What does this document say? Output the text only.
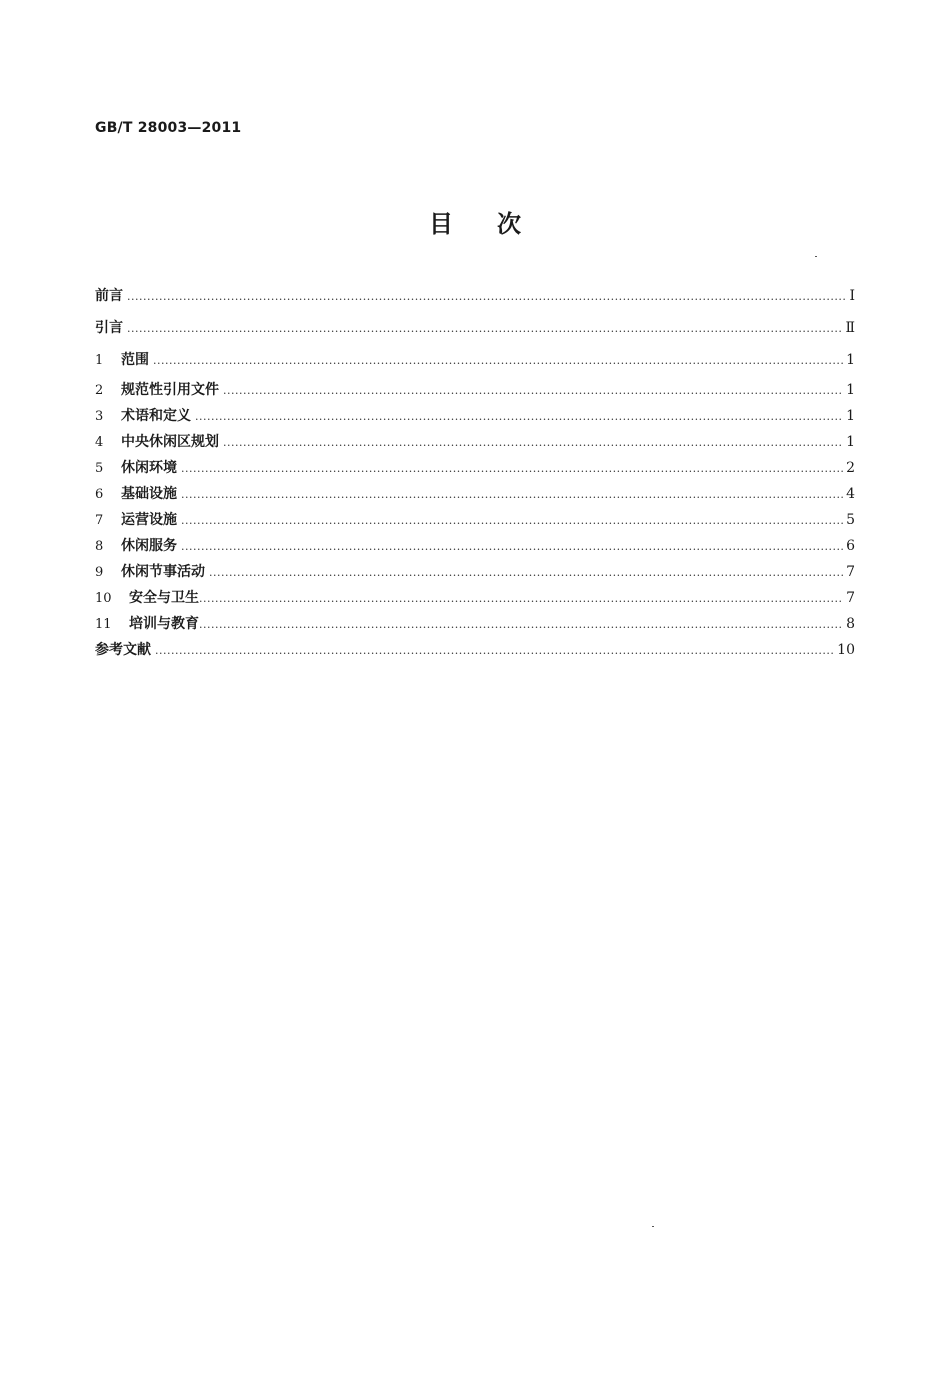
GB/T 28003—2011
目次
前言 .....	Ⅰ
引言 .....	Ⅱ
1	范围 .....	1
2	规范性引用文件 .....	1
3	术语和定义 .....	1
4	中央休闲区规划 .....	1
5	休闲环境 .....	2
6	基础设施 .....	4
7	运营设施 .....	5
8	休闲服务 .....	6
9	休闲节事活动 .....	7
10	安全与卫生 .....	7
11	培训与教育 .....	8
参考文献 .....	10
